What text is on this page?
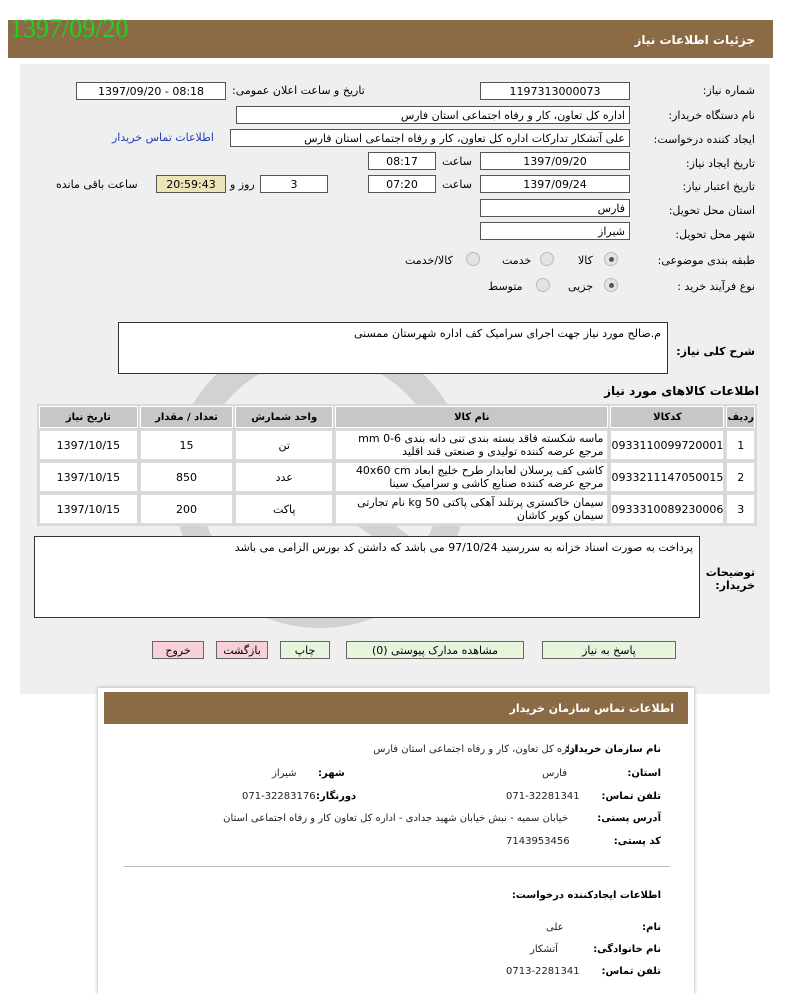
1397/09/20	جزئیات اطلاعات نیاز
شماره نیاز:
1197313000073
تاریخ و ساعت اعلان عمومی:
1397/09/20 - 08:18
نام دستگاه خریدار:
اداره کل تعاون، کار و رفاه اجتماعی استان فارس
ایجاد کننده درخواست:
علی آتشکار تدارکات اداره کل تعاون، کار و رفاه اجتماعی استان فارس
اطلاعات تماس خریدار
تاریخ ایجاد نیاز:
1397/09/20
ساعت
08:17
تاریخ اعتبار نیاز:
1397/09/24
ساعت
07:20
3
روز و
20:59:43
ساعت باقی مانده
استان محل تحویل:
فارس
شهر محل تحویل:
شیراز
طبقه بندی موضوعی:
کالا
خدمت
کالا/خدمت
نوع فرآیند خرید :
جزیی
متوسط
شرح کلی نیاز:
م.صالح مورد نیاز جهت اجرای سرامیک کف اداره شهرستان ممسنی
اطلاعات کالاهای مورد نیاز
ردیف	کدکالا	نام کالا	واحد شمارش	تعداد / مقدار	تاریخ نیاز
1	0933110099720001	ماسه شکسته فاقد بسته بندی تنی دانه بندی mm 0-6 مرجع عرضه کننده تولیدی و صنعتی قند اقلید	تن	15	1397/10/15
2	0933211147050015	کاشی کف پرسلان لعابدار طرح خلیج ابعاد 40x60 cm مرجع عرضه کننده صنایع کاشی و سرامیک سینا	عدد	850	1397/10/15
3	0933310089230006	سیمان خاکستری پرتلند آهکی پاکتی 50 kg نام تجارتی سیمان کویر کاشان	پاکت	200	1397/10/15
توضیحات خریدار:
پرداخت به صورت اسناد خزانه به سررسید 97/10/24 می باشد که داشتن کد بورس الزامی می باشد
پاسخ به نیاز
مشاهده مدارک پیوستی (0)
چاپ
بازگشت
خروج
اطلاعات تماس سازمان خریدار
نام سازمان خریدار:
اداره کل تعاون، کار و رفاه اجتماعی استان فارس
استان:
فارس
شهر:
شیراز
تلفن تماس:
071-32281341
دورنگار:
071-32283176
آدرس پستی:
خیابان سمیه - نبش خیابان شهید جدادی - اداره کل تعاون کار و رفاه اجتماعی استان
کد پستی:
7143953456
اطلاعات ایجادکننده درخواست:
نام:
علی
نام خانوادگی:
آتشکار
تلفن تماس:
0713-2281341
